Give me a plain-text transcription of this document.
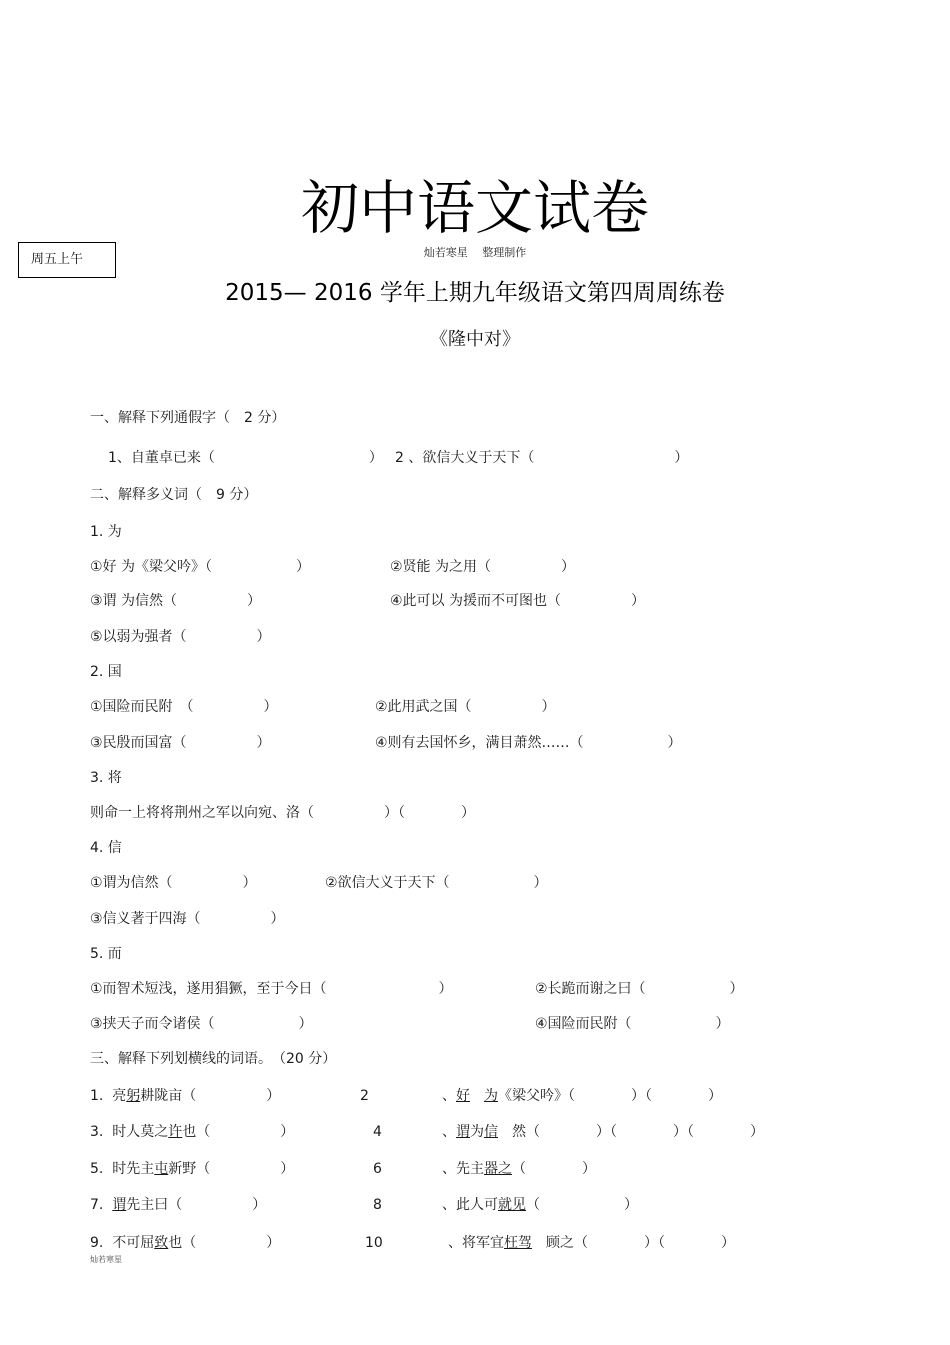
初中语文试卷
灿若寒星 　整理制作
周五上午
2015— 2016 学年上期九年级语文第四周周练卷
《隆中对》
一、解释下列通假字（　2 分）
1、自董卓已来（　　　　　　　　　　　） 2 、欲信大义于天下（　　　　　　　　　　）
二、解释多义词（　9 分）
1. 为
①好 为《梁父吟》（　　　　　　）	②贤能 为之用（　　　　　）
③谓 为信然（　　　　　）	④此可以 为援而不可图也（　　　　　）
⑤以弱为强者（　　　　　）
2. 国
①国险而民附　（　　　　　）	②此用武之国（　　　　　）
③民殷而国富（　　　　　）	④则有去国怀乡，满目萧然……（　　　　　　）
3. 将
则命一上将将荆州之军以向宛、洛（　　　　　）（　　　　）
4. 信
①谓为信然（　　　　　）	②欲信大义于天下（　　　　　　）
③信义著于四海（　　　　　）
5. 而
①而智术短浅，遂用猖獗，至于今日（　　　　　　　　）	②长跪而谢之曰（　　　　　　）
③挟天子而令诸侯（　　　　　　）	④国险而民附（　　　　　　）
三、解释下列划横线的词语。　（20 分）
1. 亮躬耕陇亩（　　　　　）	2	、好　 为《梁父吟》（　　　　）（　　　　）
3. 时人莫之许也（　　　　　）	4	、谓为信　然（　　　　）（　　　　）（　　　　）
5. 时先主屯新野（　　　　　）	6	、先主器之（　　　　）
7. 谓先主曰（　　　　　）	8	、此人可就见（　　　　　　）
9. 不可屈致也（　　　　　）	10	、将军宜枉驾　顾之（　　　　）（　　　　）
灿若寒星
